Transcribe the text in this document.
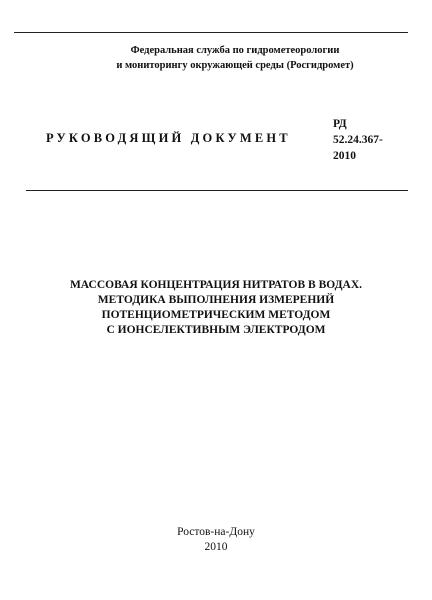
Федеральная служба по гидрометеорологии
и мониторингу окружающей среды (Росгидромет)
РУКОВОДЯЩИЙ ДОКУМЕНТ
РД
52.24.367-
2010
МАССОВАЯ КОНЦЕНТРАЦИЯ НИТРАТОВ В ВОДАХ.
МЕТОДИКА ВЫПОЛНЕНИЯ ИЗМЕРЕНИЙ
ПОТЕНЦИОМЕТРИЧЕСКИМ МЕТОДОМ
С ИОНСЕЛЕКТИВНЫМ ЭЛЕКТРОДОМ
Ростов-на-Дону
2010
